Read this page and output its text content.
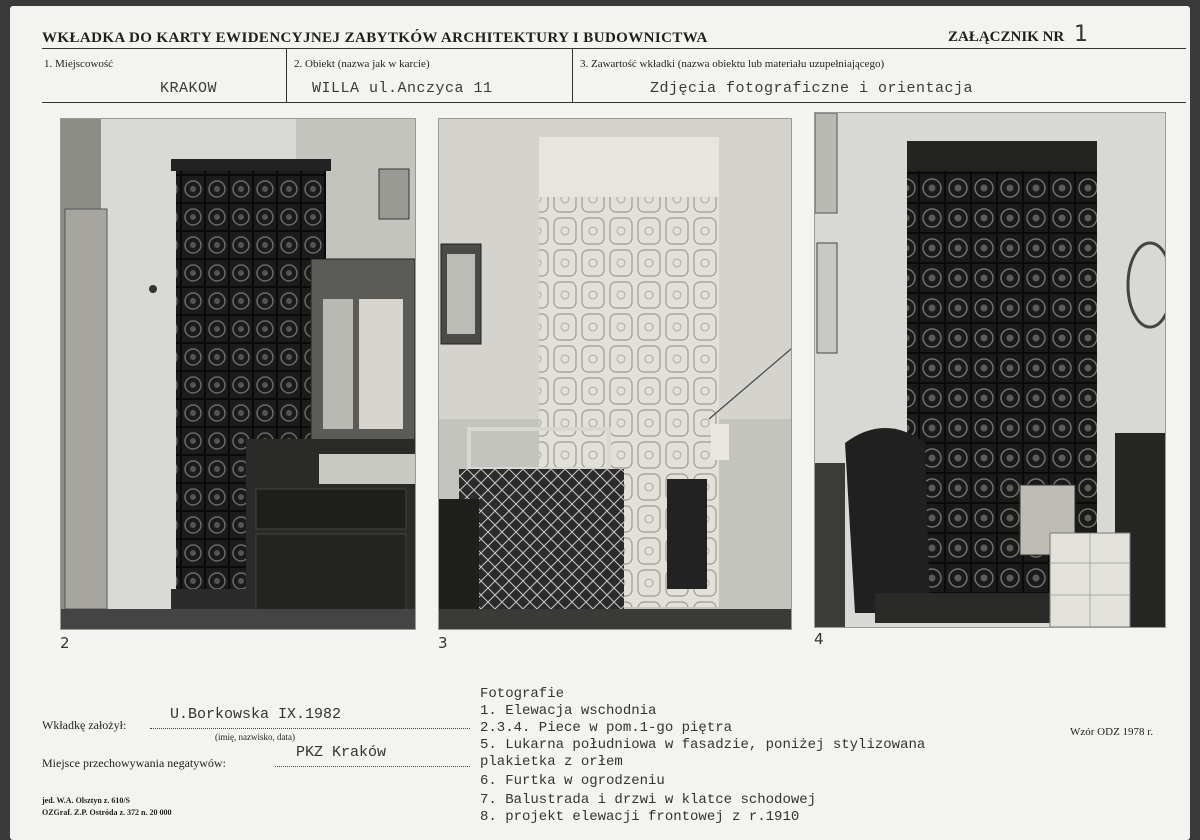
WKŁADKA DO KARTY EWIDENCYJNEJ ZABYTKÓW ARCHITEKTURY I BUDOWNICTWA	ZAŁĄCZNIK NR 1
1. Miejscowość
KRAKOW
2. Obiekt (nazwa jak w karcie)
WILLA ul.Anczyca 11
3. Zawartość wkładki (nazwa obiektu lub materiału uzupełniającego)
Zdjęcia fotograficzne i orientacja
2	3	4
Wkładkę założył:
U.Borkowska IX.1982
(imię, nazwisko, data)
Miejsce przechowywania negatywów:
PKZ Kraków
jed. W.A. Olsztyn z. 610/S
OZGraf. Z.P. Ostróda z. 372 n. 20 000
Wzór ODZ 1978 r.
Fotografie
1. Elewacja wschodnia
2.3.4. Piece w pom.1-go piętra
5. Lukarna południowa w fasadzie, poniżej stylizowana
plakietka z orłem
6. Furtka w ogrodzeniu
7. Balustrada i drzwi w klatce schodowej
8. projekt elewacji frontowej z r.1910
